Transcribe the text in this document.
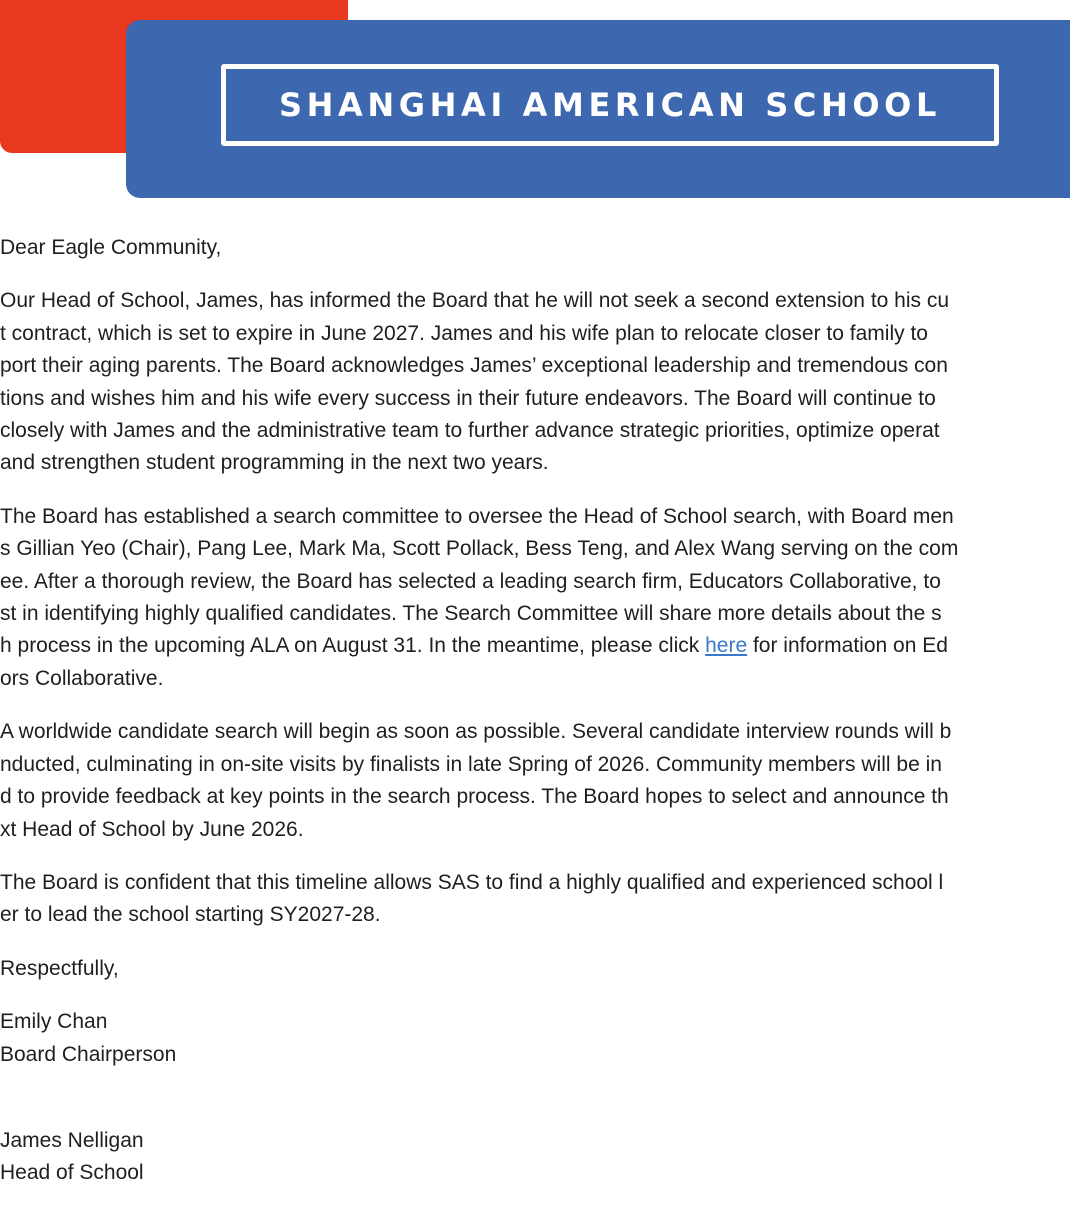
SHANGHAI AMERICAN SCHOOL

Dear Eagle Community,

Our Head of School, James, has informed the Board that he will not seek a second extension to his cu
t contract, which is set to expire in June 2027. James and his wife plan to relocate closer to family to
port their aging parents. The Board acknowledges James’ exceptional leadership and tremendous con
tions and wishes him and his wife every success in their future endeavors. The Board will continue to
closely with James and the administrative team to further advance strategic priorities, optimize operat
and strengthen student programming in the next two years.

The Board has established a search committee to oversee the Head of School search, with Board men
s Gillian Yeo (Chair), Pang Lee, Mark Ma, Scott Pollack, Bess Teng, and Alex Wang serving on the com
ee. After a thorough review, the Board has selected a leading search firm, Educators Collaborative, to
st in identifying highly qualified candidates. The Search Committee will share more details about the s
h process in the upcoming ALA on August 31. In the meantime, please click here for information on Ed
ors Collaborative.

A worldwide candidate search will begin as soon as possible. Several candidate interview rounds will b
nducted, culminating in on-site visits by finalists in late Spring of 2026. Community members will be in
d to provide feedback at key points in the search process. The Board hopes to select and announce th
xt Head of School by June 2026.

The Board is confident that this timeline allows SAS to find a highly qualified and experienced school l
er to lead the school starting SY2027-28.

Respectfully,

Emily Chan
Board Chairperson

James Nelligan
Head of School
